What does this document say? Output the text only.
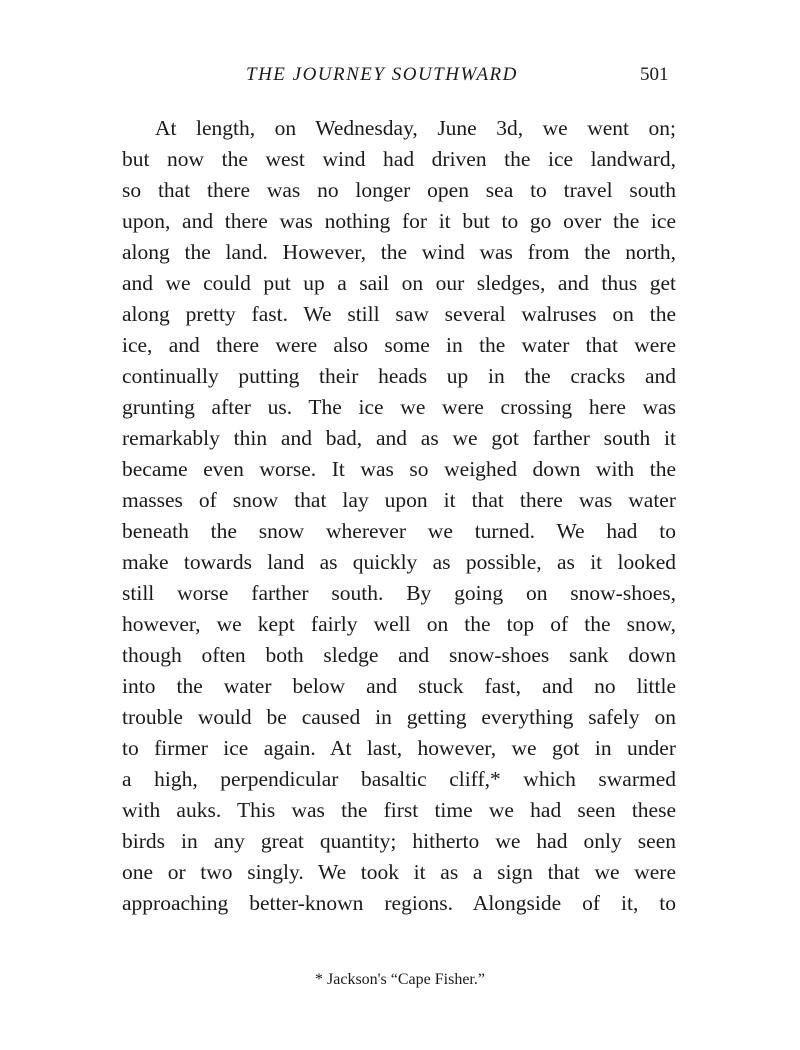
THE JOURNEY SOUTHWARD	501
At length, on Wednesday, June 3d, we went on;
but now the west wind had driven the ice landward,
so that there was no longer open sea to travel south
upon, and there was nothing for it but to go over the ice
along the land. However, the wind was from the north,
and we could put up a sail on our sledges, and thus get
along pretty fast. We still saw several walruses on the
ice, and there were also some in the water that were
continually putting their heads up in the cracks and
grunting after us. The ice we were crossing here was
remarkably thin and bad, and as we got farther south it
became even worse. It was so weighed down with the
masses of snow that lay upon it that there was water
beneath the snow wherever we turned. We had to
make towards land as quickly as possible, as it looked
still worse farther south. By going on snow-shoes,
however, we kept fairly well on the top of the snow,
though often both sledge and snow-shoes sank down
into the water below and stuck fast, and no little
trouble would be caused in getting everything safely on
to firmer ice again. At last, however, we got in under
a high, perpendicular basaltic cliff,* which swarmed
with auks. This was the first time we had seen these
birds in any great quantity; hitherto we had only seen
one or two singly. We took it as a sign that we were
approaching better-known regions. Alongside of it, to
* Jackson's “Cape Fisher.”
